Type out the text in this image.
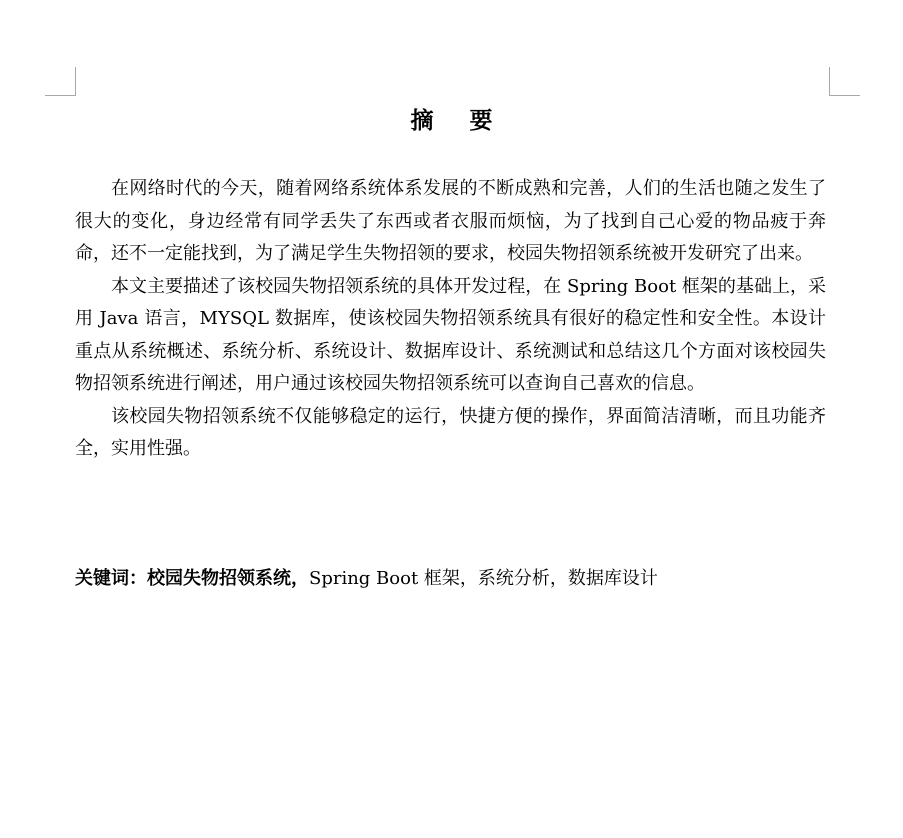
摘 要

在网络时代的今天，随着网络系统体系发展的不断成熟和完善，人们的生活也随之发生了很大的变化，身边经常有同学丢失了东西或者衣服而烦恼，为了找到自己心爱的物品疲于奔命，还不一定能找到，为了满足学生失物招领的要求，校园失物招领系统被开发研究了出来。

本文主要描述了该校园失物招领系统的具体开发过程，在 Spring Boot 框架的基础上，采用 Java 语言，MYSQL 数据库，使该校园失物招领系统具有很好的稳定性和安全性。本设计重点从系统概述、系统分析、系统设计、数据库设计、系统测试和总结这几个方面对该校园失物招领系统进行阐述，用户通过该校园失物招领系统可以查询自己喜欢的信息。

该校园失物招领系统不仅能够稳定的运行，快捷方便的操作，界面简洁清晰，而且功能齐全，实用性强。

关键词：校园失物招领系统，Spring Boot 框架，系统分析，数据库设计
